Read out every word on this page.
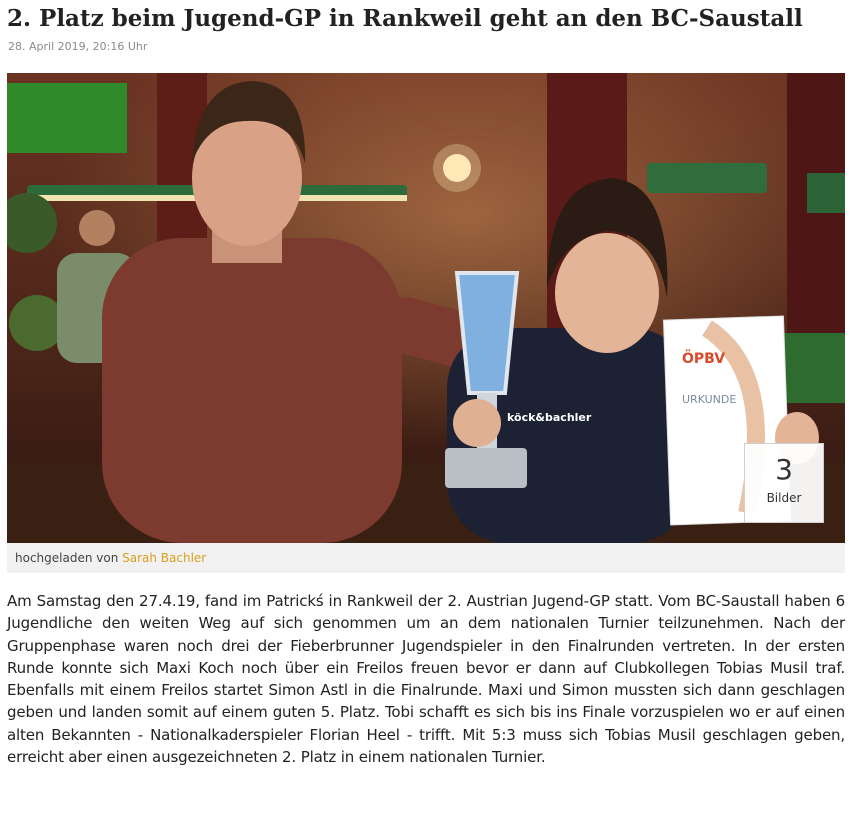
2. Platz beim Jugend-GP in Rankweil geht an den BC-Saustall
28. April 2019, 20:16 Uhr
köck&bachler
ÖPBV
URKUNDE
3
Bilder
hochgeladen von Sarah Bachler

Am Samstag den 27.4.19, fand im Patrickś in Rankweil der 2. Austrian Jugend-GP statt. Vom BC-Saustall haben 6 Jugendliche den weiten Weg auf sich genommen um an dem nationalen Turnier teilzunehmen. Nach der Gruppenphase waren noch drei der Fieberbrunner Jugendspieler in den Finalrunden vertreten. In der ersten Runde konnte sich Maxi Koch noch über ein Freilos freuen bevor er dann auf Clubkollegen Tobias Musil traf. Ebenfalls mit einem Freilos startet Simon Astl in die Finalrunde. Maxi und Simon mussten sich dann geschlagen geben und landen somit auf einem guten 5. Platz. Tobi schafft es sich bis ins Finale vorzuspielen wo er auf einen alten Bekannten - Nationalkaderspieler Florian Heel - trifft. Mit 5:3 muss sich Tobias Musil geschlagen geben, erreicht aber einen ausgezeichneten 2. Platz in einem nationalen Turnier.
